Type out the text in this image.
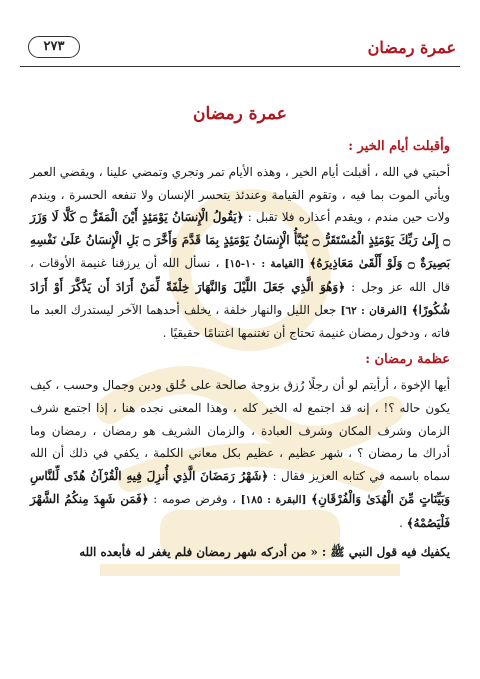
عمرة رمضان
٢٧٣
عمرة رمضان
وأقبلت أيام الخير :

أحبتي في الله ، أقبلت أيام الخير ، وهذه الأيام تمر وتجري وتمضي علينا ، ويقضي العمر ويأتي الموت بما فيه ، وتقوم القيامة وعندئذ يتحسر الإنسان ولا تنفعه الحسرة ، ويندم ولات حين مندم ، ويقدم أعذاره فلا تقبل : ﴿يَقُولُ الْإِنسَانُ يَوْمَئِذٍ أَيْنَ الْمَفَرُّ ۝ كَلَّا لَا وَزَرَ ۝ إِلَىٰ رَبِّكَ يَوْمَئِذٍ الْمُسْتَقَرُّ ۝ يُنَبَّأُ الْإِنسَانُ يَوْمَئِذٍ بِمَا قَدَّمَ وَأَخَّرَ ۝ بَلِ الْإِنسَانُ عَلَىٰ نَفْسِهِ بَصِيرَةٌ ۝ وَلَوْ أَلْقَىٰ مَعَاذِيرَهُ﴾ [القيامة : ١٠-١٥] ، نسأل الله أن يرزقنا غنيمة الأوقات ، قال الله عز وجل : ﴿وَهُوَ الَّذِي جَعَلَ اللَّيْلَ وَالنَّهَارَ خِلْفَةً لِّمَنْ أَرَادَ أَن يَذَّكَّرَ أَوْ أَرَادَ شُكُورًا﴾ [الفرقان : ٦٢] جعل الليل والنهار خلفة ، يخلف أحدهما الآخر ليستدرك العبد ما فاته ، ودخول رمضان غنيمة تحتاج أن تغتنمها اغتنامًا حقيقيًا .

عظمة رمضان :

أيها الإخوة ، أرأيتم لو أن رجلًا رُزق بزوجة صالحة على خُلق ودين وجمال وحسب ، كيف يكون حاله ؟! ، إنه قد اجتمع له الخير كله ، وهذا المعنى نجده هنا ، إذا اجتمع شرف الزمان وشرف المكان وشرف العبادة ، والزمان الشريف هو رمضان ، رمضان وما أدراك ما رمضان ؟ ، شهر عظيم ، عظيم بكل معاني الكلمة ، يكفي في ذلك أن الله سماه باسمه في كتابه العزيز فقال : ﴿شَهْرُ رَمَضَانَ الَّذِي أُنزِلَ فِيهِ الْقُرْآنُ هُدًى لِّلنَّاسِ وَبَيِّنَاتٍ مِّنَ الْهُدَىٰ وَالْفُرْقَانِ﴾ [البقرة : ١٨٥] ، وفرض صومه : ﴿فَمَن شَهِدَ مِنكُمُ الشَّهْرَ فَلْيَصُمْهُ﴾ .

يكفيك فيه قول النبي ﷺ : « من أدركه شهر رمضان فلم يغفر له فأبعده الله
